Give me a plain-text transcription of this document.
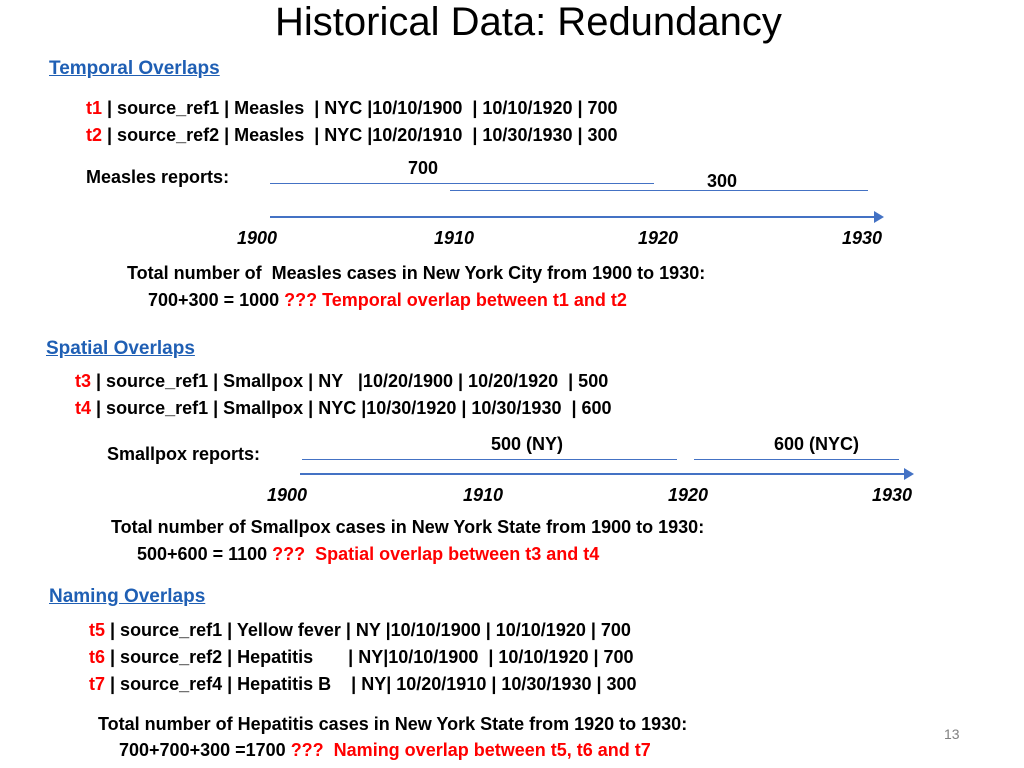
Historical Data: Redundancy
Temporal Overlaps
t1 | source_ref1 | Measles  | NYC |10/10/1900  | 10/10/1920 | 700
t2 | source_ref2 | Measles  | NYC |10/20/1910  | 10/30/1930 | 300
Measles reports:	700
300
1900	1910	1920	1930
Total number of  Measles cases in New York City from 1900 to 1930:
700+300 = 1000 ??? Temporal overlap between t1 and t2
Spatial Overlaps
t3 | source_ref1 | Smallpox | NY   |10/20/1900 | 10/20/1920  | 500
t4 | source_ref1 | Smallpox | NYC |10/30/1920 | 10/30/1930  | 600
Smallpox reports:	500 (NY)	600 (NYC)
1900	1910	1920	1930
Total number of Smallpox cases in New York State from 1900 to 1930:
500+600 = 1100 ???  Spatial overlap between t3 and t4
Naming Overlaps
t5 | source_ref1 | Yellow fever | NY |10/10/1900 | 10/10/1920 | 700
t6 | source_ref2 | Hepatitis       | NY|10/10/1900  | 10/10/1920 | 700
t7 | source_ref4 | Hepatitis B    | NY| 10/20/1910 | 10/30/1930 | 300
Total number of Hepatitis cases in New York State from 1920 to 1930:
700+700+300 =1700 ???  Naming overlap between t5, t6 and t7
13
